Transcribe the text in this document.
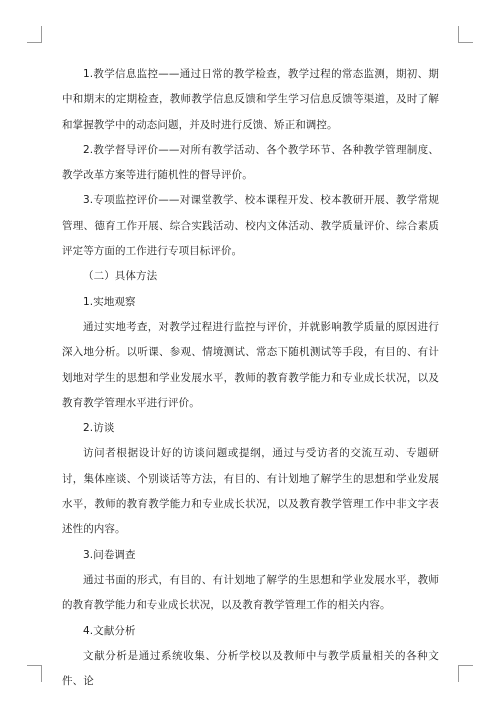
1.教学信息监控——通过日常的教学检查，教学过程的常态监测，期初、期中和期末的定期检查，教师教学信息反馈和学生学习信息反馈等渠道，及时了解和掌握教学中的动态问题，并及时进行反馈、矫正和调控。

2.教学督导评价——对所有教学活动、各个教学环节、各种教学管理制度、教学改革方案等进行随机性的督导评价。

3.专项监控评价——对课堂教学、校本课程开发、校本教研开展、教学常规管理、德育工作开展、综合实践活动、校内文体活动、教学质量评价、综合素质评定等方面的工作进行专项目标评价。

（二）具体方法

1.实地观察

通过实地考查，对教学过程进行监控与评价，并就影响教学质量的原因进行深入地分析。以听课、参观、情境测试、常态下随机测试等手段，有目的、有计划地对学生的思想和学业发展水平，教师的教育教学能力和专业成长状况，以及教育教学管理水平进行评价。

2.访谈

访问者根据设计好的访谈问题或提纲，通过与受访者的交流互动、专题研讨，集体座谈、个别谈话等方法，有目的、有计划地了解学生的思想和学业发展水平，教师的教育教学能力和专业成长状况，以及教育教学管理工作中非文字表述性的内容。

3.问卷调查

通过书面的形式，有目的、有计划地了解学的生思想和学业发展水平，教师的教育教学能力和专业成长状况，以及教育教学管理工作的相关内容。

4.文献分析

文献分析是通过系统收集、分析学校以及教师中与教学质量相关的各种文件、论
